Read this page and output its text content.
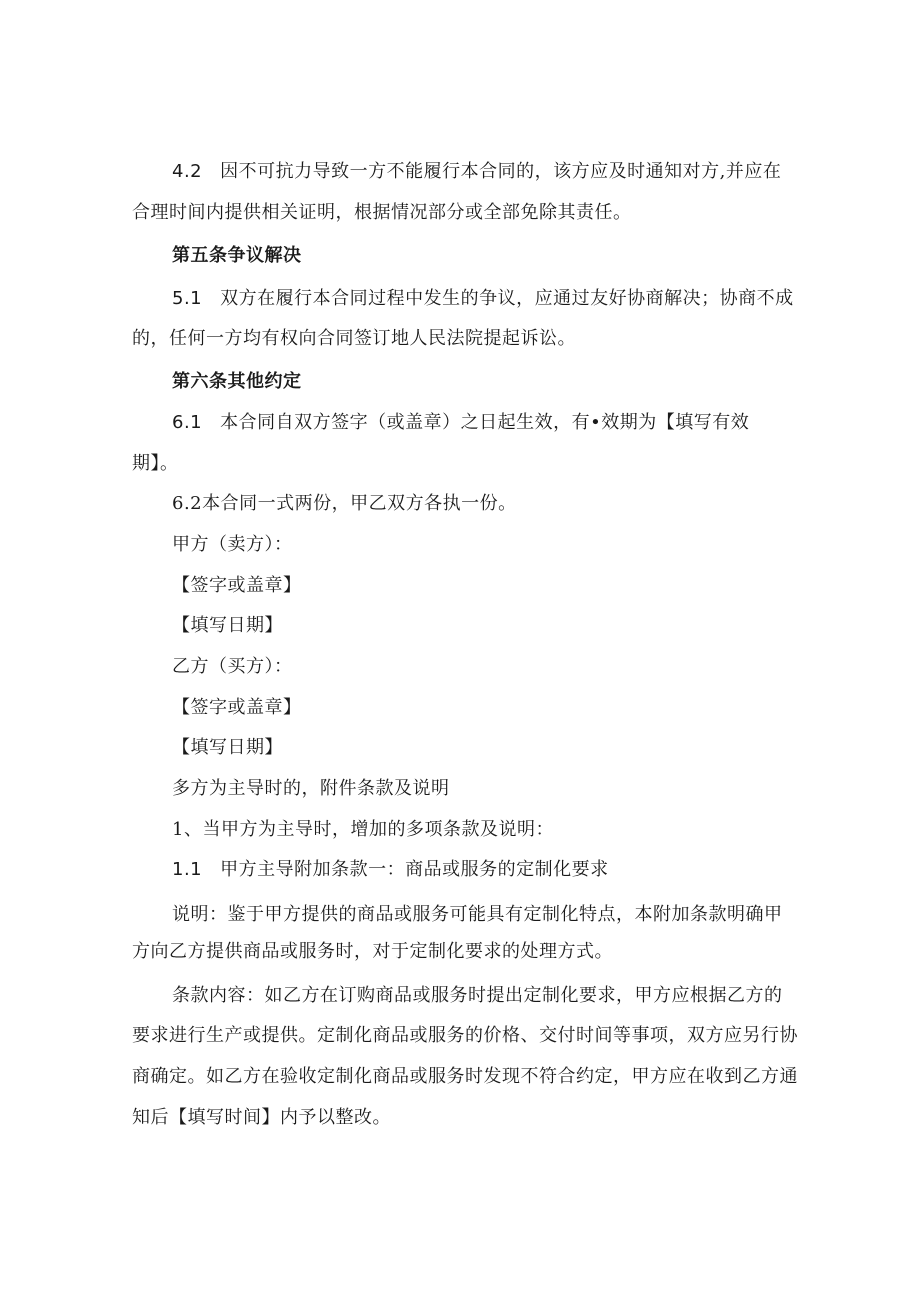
4.2 因不可抗力导致一方不能履行本合同的，该方应及时通知对方,并应在
合理时间内提供相关证明，根据情况部分或全部免除其责任。
第五条争议解决
5.1 双方在履行本合同过程中发生的争议，应通过友好协商解决；协商不成
的，任何一方均有权向合同签订地人民法院提起诉讼。
第六条其他约定
6.1 本合同自双方签字（或盖章）之日起生效，有•效期为【填写有效
期】。
6.2本合同一式两份，甲乙双方各执一份。
甲方（卖方）：
【签字或盖章】
【填写日期】
乙方（买方）：
【签字或盖章】
【填写日期】
多方为主导时的，附件条款及说明
1、当甲方为主导时，增加的多项条款及说明：
1.1 甲方主导附加条款一：商品或服务的定制化要求
说明：鉴于甲方提供的商品或服务可能具有定制化特点，本附加条款明确甲
方向乙方提供商品或服务时，对于定制化要求的处理方式。
条款内容：如乙方在订购商品或服务时提出定制化要求，甲方应根据乙方的
要求进行生产或提供。定制化商品或服务的价格、交付时间等事项，双方应另行协
商确定。如乙方在验收定制化商品或服务时发现不符合约定，甲方应在收到乙方通
知后【填写时间】内予以整改。
